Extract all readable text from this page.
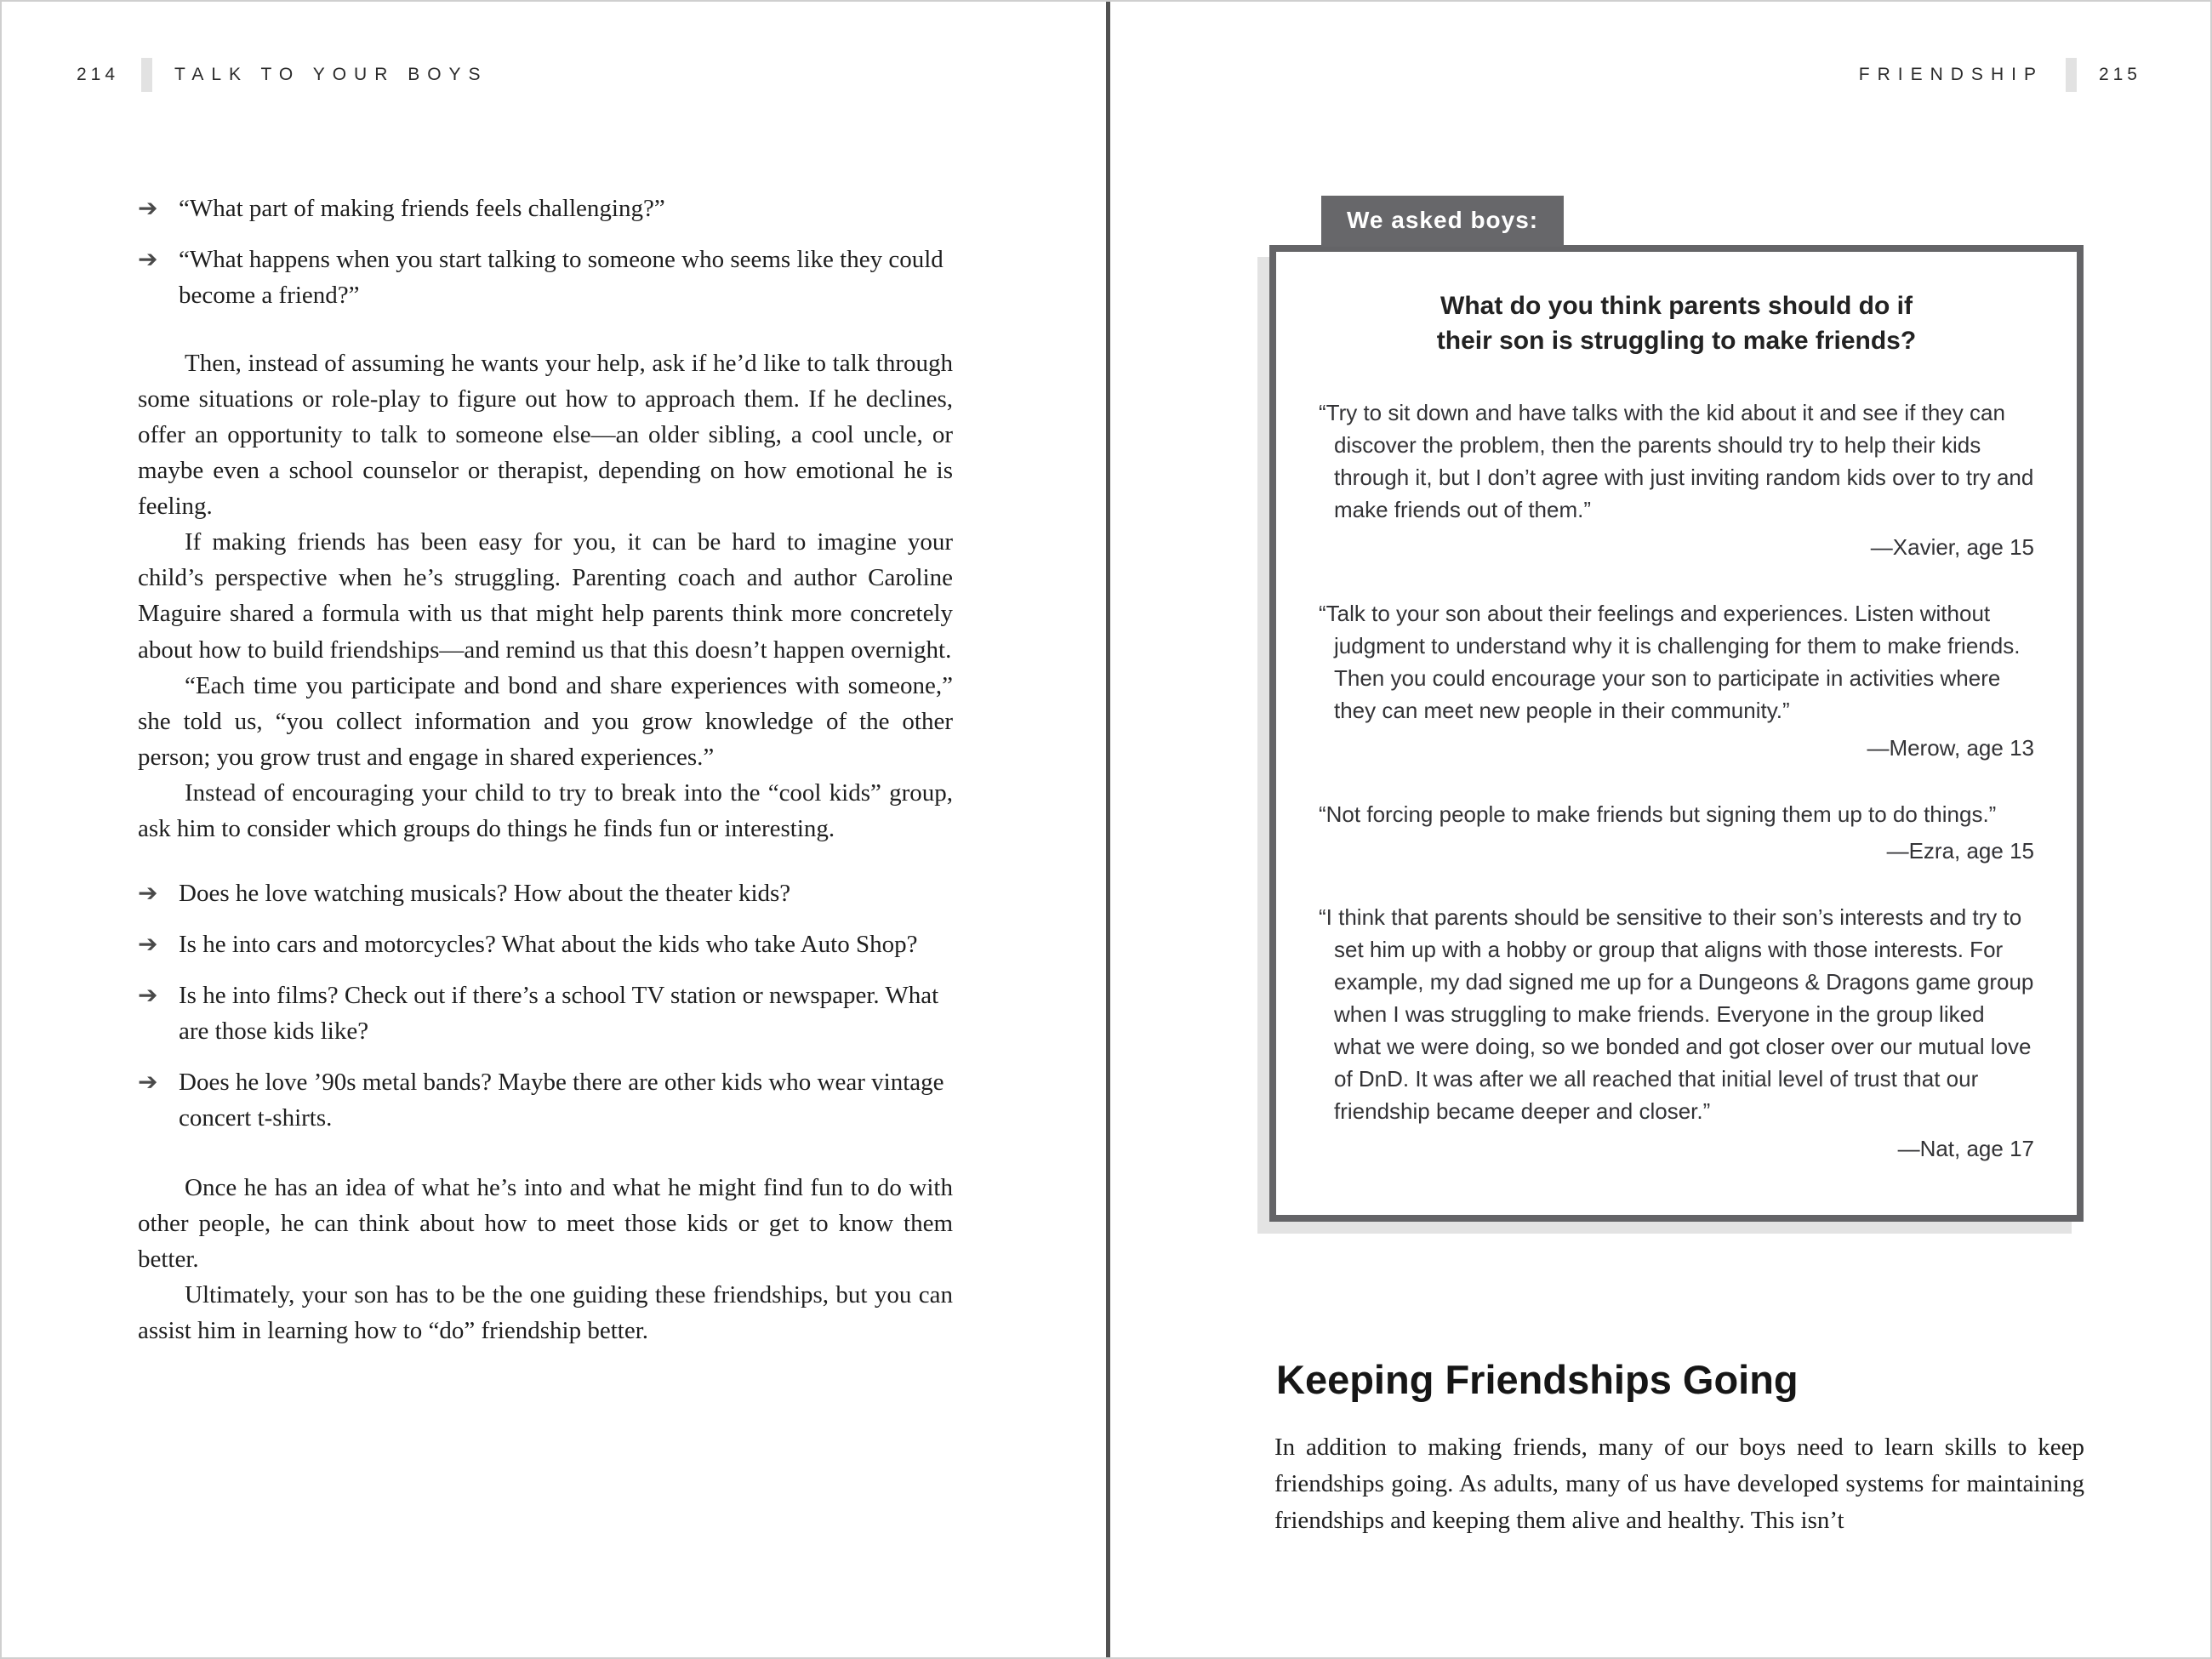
214	TALK TO YOUR BOYS
➔ “What part of making friends feels challenging?”
➔ “What happens when you start talking to someone who seems like they could become a friend?”

Then, instead of assuming he wants your help, ask if he’d like to talk through some situations or role-play to figure out how to approach them. If he declines, offer an opportunity to talk to someone else—an older sibling, a cool uncle, or maybe even a school counselor or therapist, depending on how emotional he is feeling.

If making friends has been easy for you, it can be hard to imagine your child’s perspective when he’s struggling. Parenting coach and author Caroline Maguire shared a formula with us that might help parents think more concretely about how to build friendships—and remind us that this doesn’t happen overnight.

“Each time you participate and bond and share experiences with someone,” she told us, “you collect information and you grow knowledge of the other person; you grow trust and engage in shared experiences.”

Instead of encouraging your child to try to break into the “cool kids” group, ask him to consider which groups do things he finds fun or interesting.

➔ Does he love watching musicals? How about the theater kids?
➔ Is he into cars and motorcycles? What about the kids who take Auto Shop?
➔ Is he into films? Check out if there’s a school TV station or newspaper. What are those kids like?
➔ Does he love ’90s metal bands? Maybe there are other kids who wear vintage concert t-shirts.

Once he has an idea of what he’s into and what he might find fun to do with other people, he can think about how to meet those kids or get to know them better.

Ultimately, your son has to be the one guiding these friendships, but you can assist him in learning how to “do” friendship better.

FRIENDSHIP	215
We asked boys:
What do you think parents should do if their son is struggling to make friends?
“Try to sit down and have talks with the kid about it and see if they can discover the problem, then the parents should try to help their kids through it, but I don’t agree with just inviting random kids over to try and make friends out of them.”
—Xavier, age 15
“Talk to your son about their feelings and experiences. Listen without judgment to understand why it is challenging for them to make friends. Then you could encourage your son to participate in activities where they can meet new people in their community.”
—Merow, age 13
“Not forcing people to make friends but signing them up to do things.”
—Ezra, age 15
“I think that parents should be sensitive to their son’s interests and try to set him up with a hobby or group that aligns with those interests. For example, my dad signed me up for a Dungeons & Dragons game group when I was struggling to make friends. Everyone in the group liked what we were doing, so we bonded and got closer over our mutual love of DnD. It was after we all reached that initial level of trust that our friendship became deeper and closer.”
—Nat, age 17
Keeping Friendships Going

In addition to making friends, many of our boys need to learn skills to keep friendships going. As adults, many of us have developed systems for maintaining friendships and keeping them alive and healthy. This isn’t
